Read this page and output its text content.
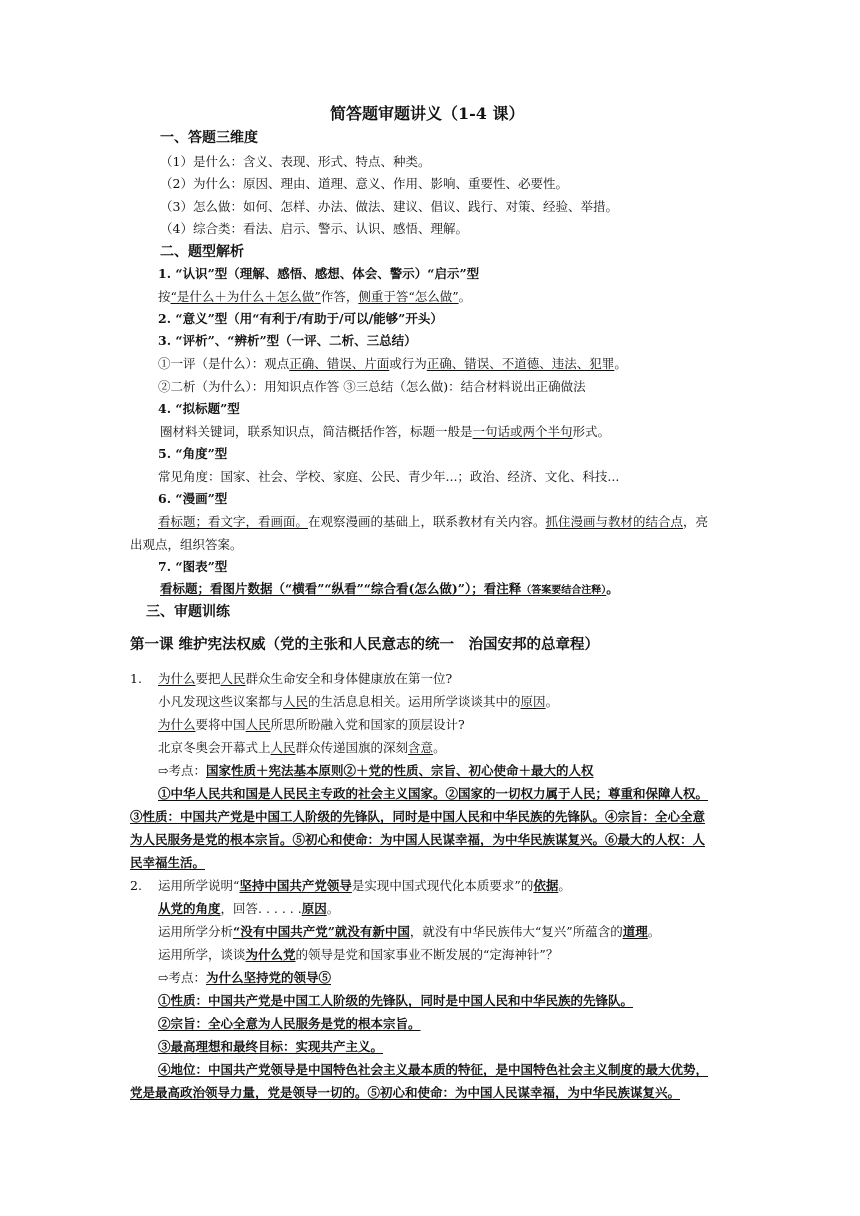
简答题审题讲义（1-4 课）
一、答题三维度
（1）是什么：含义、表现、形式、特点、种类。
（2）为什么：原因、理由、道理、意义、作用、影响、重要性、必要性。
（3）怎么做：如何、怎样、办法、做法、建议、倡议、践行、对策、经验、举措。
（4）综合类：看法、启示、警示、认识、感悟、理解。
二、题型解析
1. “认识”型（理解、感悟、感想、体会、警示）“启示”型
按“是什么＋为什么＋怎么做”作答，侧重于答“怎么做”。
2. “意义”型（用“有利于/有助于/可以/能够”开头）
3. “评析”、“辨析”型（一评、二析、三总结）
①一评（是什么）：观点正确、错误、片面或行为正确、错误、不道德、违法、犯罪。
②二析（为什么）：用知识点作答 ③三总结（怎么做)：结合材料说出正确做法
4. “拟标题”型
圈材料关键词，联系知识点，简洁概括作答，标题一般是一句话或两个半句形式。
5. “角度”型
常见角度：国家、社会、学校、家庭、公民、青少年...；政治、经济、文化、科技...
6. “漫画”型
看标题；看文字，看画面。在观察漫画的基础上，联系教材有关内容。抓住漫画与教材的结合点，亮
出观点，组织答案。
7. “图表”型
看标题；看图片数据（“横看”“纵看”“综合看(怎么做)”）；看注释（答案要结合注释）。
三、审题训练
第一课 维护宪法权威（党的主张和人民意志的统一　治国安邦的总章程）
1. 为什么要把人民群众生命安全和身体健康放在第一位?
小凡发现这些议案都与人民的生活息息相关。运用所学谈谈其中的原因。
为什么要将中国人民所思所盼融入党和国家的顶层设计?
北京冬奥会开幕式上人民群众传递国旗的深刻含意。
⇨考点：国家性质＋宪法基本原则②＋党的性质、宗旨、初心使命＋最大的人权
①中华人民共和国是人民民主专政的社会主义国家。②国家的一切权力属于人民；尊重和保障人权。
③性质：中国共产党是中国工人阶级的先锋队，同时是中国人民和中华民族的先锋队。④宗旨：全心全意
为人民服务是党的根本宗旨。⑤初心和使命：为中国人民谋幸福，为中华民族谋复兴。⑥最大的人权：人
民幸福生活。
2. 运用所学说明“坚持中国共产党领导是实现中国式现代化本质要求”的依据。
从党的角度，回答. . . . . .原因。
运用所学分析“没有中国共产党”就没有新中国，就没有中华民族伟大“复兴”所蕴含的道理。
运用所学，谈谈为什么党的领导是党和国家事业不断发展的“定海神针”？
⇨考点：为什么坚持党的领导⑤
①性质：中国共产党是中国工人阶级的先锋队，同时是中国人民和中华民族的先锋队。
②宗旨：全心全意为人民服务是党的根本宗旨。
③最高理想和最终目标：实现共产主义。
④地位：中国共产党领导是中国特色社会主义最本质的特征，是中国特色社会主义制度的最大优势，
党是最高政治领导力量，党是领导一切的。⑤初心和使命：为中国人民谋幸福，为中华民族谋复兴。
